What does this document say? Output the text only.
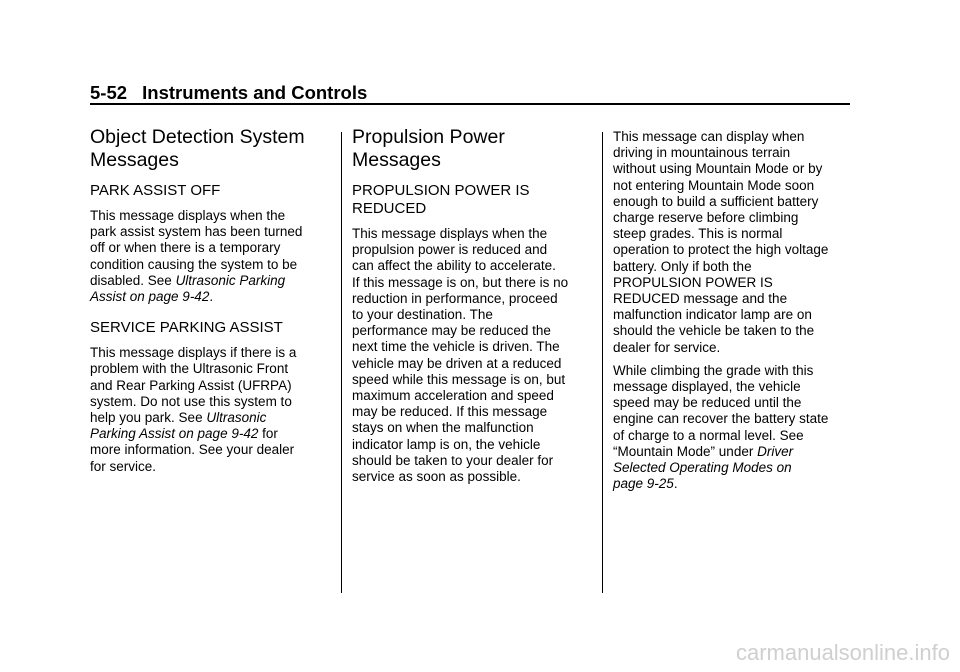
5-52 Instruments and Controls
Object Detection System
Messages
PARK ASSIST OFF

This message displays when the
park assist system has been turned
off or when there is a temporary
condition causing the system to be
disabled. See Ultrasonic Parking
Assist on page 9-42.

SERVICE PARKING ASSIST

This message displays if there is a
problem with the Ultrasonic Front
and Rear Parking Assist (UFRPA)
system. Do not use this system to
help you park. See Ultrasonic
Parking Assist on page 9-42 for
more information. See your dealer
for service.

Propulsion Power
Messages
PROPULSION POWER IS
REDUCED

This message displays when the
propulsion power is reduced and
can affect the ability to accelerate.
If this message is on, but there is no
reduction in performance, proceed
to your destination. The
performance may be reduced the
next time the vehicle is driven. The
vehicle may be driven at a reduced
speed while this message is on, but
maximum acceleration and speed
may be reduced. If this message
stays on when the malfunction
indicator lamp is on, the vehicle
should be taken to your dealer for
service as soon as possible.

This message can display when
driving in mountainous terrain
without using Mountain Mode or by
not entering Mountain Mode soon
enough to build a sufficient battery
charge reserve before climbing
steep grades. This is normal
operation to protect the high voltage
battery. Only if both the
PROPULSION POWER IS
REDUCED message and the
malfunction indicator lamp are on
should the vehicle be taken to the
dealer for service.

While climbing the grade with this
message displayed, the vehicle
speed may be reduced until the
engine can recover the battery state
of charge to a normal level. See
“Mountain Mode” under Driver
Selected Operating Modes on
page 9-25.

carmanualsonline.info
